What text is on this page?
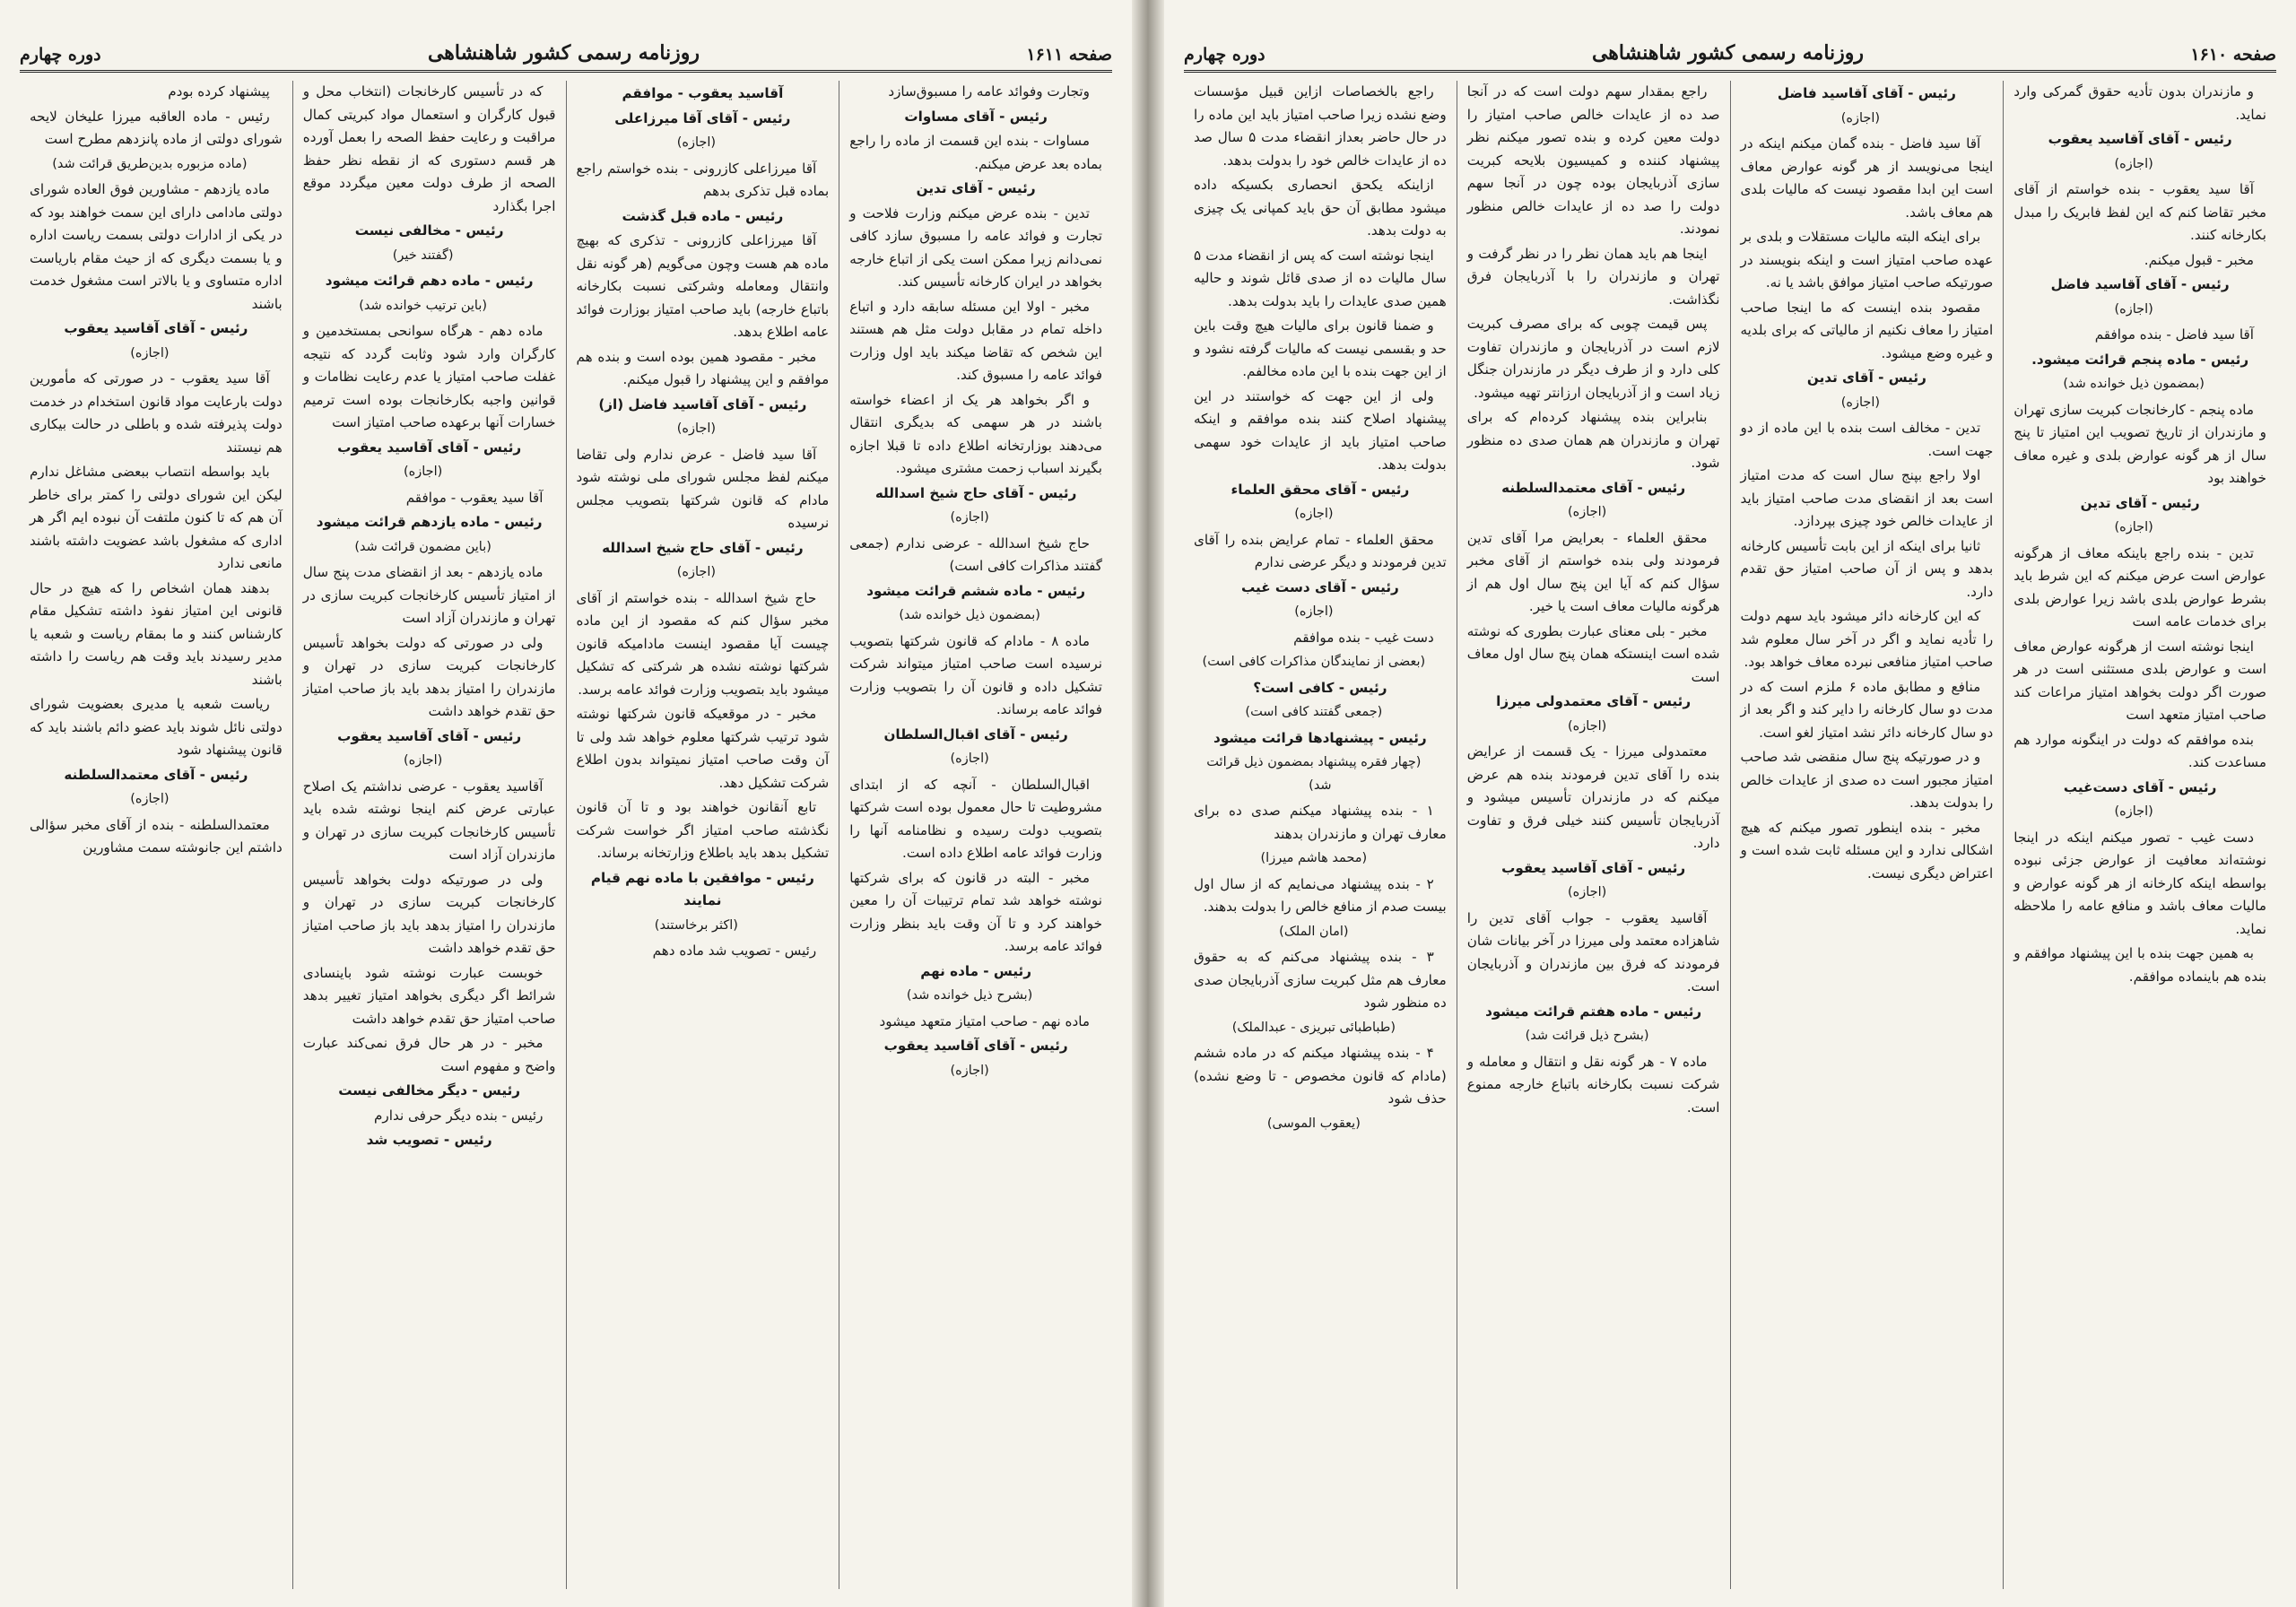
صفحه ۱۶۱۱
روزنامه رسمی کشور شاهنشاهی
دوره چهارم

وتجارت وفوائد عامه را مسبوق‌سازد

رئیس - آقای مساوات

مساوات - بنده این قسمت از ماده را راجع بماده بعد عرض میکنم.

رئیس - آقای تدین

تدین - بنده عرض میکنم وزارت فلاحت و تجارت و فوائد عامه را مسبوق سازد کافی نمی‌دانم زیرا ممکن است یکی از اتباع خارجه بخواهد در ایران کارخانه تأسیس کند.

مخبر - اولا این مسئله سابقه دارد و اتباع داخله تمام در مقابل دولت مثل هم هستند این شخص که تقاضا میکند باید اول وزارت فوائد عامه را مسبوق کند.

و اگر بخواهد هر یک از اعضاء خواسته باشند در هر سهمی که بدیگری انتقال می‌دهند بوزارتخانه اطلاع داده تا قبلا اجازه بگیرند اسباب زحمت مشتری میشود.

رئیس - آقای حاج شیخ اسدالله

(اجازه)

حاج شیخ اسدالله - عرضی ندارم (جمعی گفتند مذاکرات کافی است)

رئیس - ماده ششم قرائت میشود

(بمضمون ذیل خوانده شد)

ماده ۸ - مادام که قانون شرکتها بتصویب نرسیده است صاحب امتیاز میتواند شرکت تشکیل داده و قانون آن را بتصویب وزارت فوائد عامه برساند.

رئیس - آقای اقبال‌السلطان

(اجازه)

اقبال‌السلطان - آنچه که از ابتدای مشروطیت تا حال معمول بوده است شرکتها بتصویب دولت رسیده و نظامنامه آنها را وزارت فوائد عامه اطلاع داده است.

مخبر - البته در قانون که برای شرکتها نوشته خواهد شد تمام ترتیبات آن را معین خواهند کرد و تا آن وقت باید بنظر وزارت فوائد عامه برسد.

رئیس - ماده نهم

(بشرح ذیل خوانده شد)

ماده نهم - صاحب امتیاز متعهد میشود

رئیس - آقای آقاسید یعقوب

(اجازه)

آقاسید یعقوب - موافقم

رئیس - آقای آقا میرزاعلی

(اجازه)

آقا میرزاعلی کازرونی - بنده خواستم راجع بماده قبل تذکری بدهم

رئیس - ماده قبل گذشت

آقا میرزاعلی کازرونی - تذکری که بهیچ ماده هم هست وچون می‌گویم (هر گونه نقل وانتقال ومعامله وشرکتی نسبت بکارخانه باتباع خارجه) باید صاحب امتیاز بوزارت فوائد عامه اطلاع بدهد.

مخبر - مقصود همین بوده است و بنده هم موافقم و این پیشنهاد را قبول میکنم.

رئیس - آقای آقاسید فاضل (از)

(اجازه)

آقا سید فاضل - عرض ندارم ولی تقاضا میکنم لفظ مجلس شورای ملی نوشته شود مادام که قانون شرکتها بتصویب مجلس نرسیده

رئیس - آقای حاج شیخ اسدالله

(اجازه)

حاج شیخ اسدالله - بنده خواستم از آقای مخبر سؤال کنم که مقصود از این ماده چیست آیا مقصود اینست مادامیکه قانون شرکتها نوشته نشده هر شرکتی که تشکیل میشود باید بتصویب وزارت فوائد عامه برسد.

مخبر - در موقعیکه قانون شرکتها نوشته شود ترتیب شرکتها معلوم خواهد شد ولی تا آن وقت صاحب امتیاز نمیتواند بدون اطلاع شرکت تشکیل دهد.

تابع آنقانون خواهند بود و تا آن قانون نگذشته صاحب امتیاز اگر خواست شرکت تشکیل بدهد باید باطلاع وزارتخانه برساند.

رئیس - موافقین با ماده نهم قیام نمایند

(اکثر برخاستند)

رئیس - تصویب شد ماده دهم

که در تأسیس کارخانجات (انتخاب محل و قبول کارگران و استعمال مواد کبریتی کمال مراقبت و رعایت حفظ الصحه را بعمل آورده هر قسم دستوری که از نقطه نظر حفظ الصحه از طرف دولت معین میگردد موقع اجرا بگذارد

رئیس - مخالفی نیست

(گفتند خیر)

رئیس - ماده دهم قرائت میشود

(باین ترتیب خوانده شد)

ماده دهم - هرگاه سوانحی بمستخدمین و کارگران وارد شود وثابت گردد که نتیجه غفلت صاحب امتیاز یا عدم رعایت نظامات و قوانین واجبه بکارخانجات بوده است ترمیم خسارات آنها برعهده صاحب امتیاز است

رئیس - آقای آقاسید یعقوب

(اجازه)

آقا سید یعقوب - موافقم

رئیس - ماده یازدهم قرائت میشود

(باین مضمون قرائت شد)

ماده یازدهم - بعد از انقضای مدت پنج سال از امتیاز تأسیس کارخانجات کبریت سازی در تهران و مازندران آزاد است

ولی در صورتی که دولت بخواهد تأسیس کارخانجات کبریت سازی در تهران و مازندران را امتیاز بدهد باید باز صاحب امتیاز حق تقدم خواهد داشت

رئیس - آقای آقاسید یعقوب

(اجازه)

آقاسید یعقوب - عرضی نداشتم یک اصلاح عبارتی عرض کنم اینجا نوشته شده باید تأسیس کارخانجات کبریت سازی در تهران و مازندران آزاد است

ولی در صورتیکه دولت بخواهد تأسیس کارخانجات کبریت سازی در تهران و مازندران را امتیاز بدهد باید باز صاحب امتیاز حق تقدم خواهد داشت

خوبست عبارت نوشته شود باینسادی شرائط اگر دیگری بخواهد امتیاز تغییر بدهد صاحب امتیاز حق تقدم خواهد داشت

مخبر - در هر حال فرق نمی‌کند عبارت واضح و مفهوم است

رئیس - دیگر مخالفی نیست

رئیس - بنده دیگر حرفی ندارم

رئیس - تصویب شد

پیشنهاد کرده بودم

رئیس - ماده العاقبه میرزا علیخان لایحه شورای دولتی از ماده پانزدهم مطرح است

(ماده مزبوره بدین‌طریق قرائت شد)

ماده یازدهم - مشاورین فوق العاده شورای دولتی مادامی دارای این سمت خواهند بود که در یکی از ادارات دولتی بسمت ریاست اداره و یا بسمت دیگری که از حیث مقام باریاست اداره متساوی و یا بالاتر است مشغول خدمت باشند

رئیس - آقای آقاسید یعقوب

(اجازه)

آقا سید یعقوب - در صورتی که مأمورین دولت بارعایت مواد قانون استخدام در خدمت دولت پذیرفته شده و باطلی در حالت بیکاری هم نیستند

باید بواسطه انتصاب ببعضی مشاغل ندارم لیکن این شورای دولتی را کمتر برای خاطر آن هم که تا کنون ملتفت آن نبوده ایم اگر هر اداری که مشغول باشد عضویت داشته باشند مانعی ندارد

بدهند همان اشخاص را که هیچ در حال قانونی این امتیاز نفوذ داشته تشکیل مقام کارشناس کنند و ما بمقام ریاست و شعبه یا مدیر رسیدند باید وقت هم ریاست را داشته باشند

ریاست شعبه یا مدیری بعضویت شورای دولتی نائل شوند باید عضو دائم باشند باید که قانون پیشنهاد شود

رئیس - آقای معتمدالسلطنه

(اجازه)

معتمدالسلطنه - بنده از آقای مخبر سؤالی داشتم این جانوشته سمت مشاورین

صفحه ۱۶۱۰
روزنامه رسمی کشور شاهنشاهی
دوره چهارم

و مازندران بدون تأدیه حقوق گمرکی وارد نماید.

رئیس - آقای آقاسید یعقوب

(اجازه)

آقا سید یعقوب - بنده خواستم از آقای مخبر تقاضا کنم که این لفظ فابریک را مبدل بکارخانه کنند.

مخبر - قبول میکنم.

رئیس - آقای آقاسید فاضل

(اجازه)

آقا سید فاضل - بنده موافقم

رئیس - ماده پنجم قرائت میشود.

(بمضمون ذیل خوانده شد)

ماده پنجم - کارخانجات کبریت سازی تهران و مازندران از تاریخ تصویب این امتیاز تا پنج سال از هر گونه عوارض بلدی و غیره معاف خواهند بود

رئیس - آقای تدین

(اجازه)

تدین - بنده راجع باینکه معاف از هرگونه عوارض است عرض میکنم که این شرط باید بشرط عوارض بلدی باشد زیرا عوارض بلدی برای خدمات عامه است

اینجا نوشته است از هرگونه عوارض معاف است و عوارض بلدی مستثنی است در هر صورت اگر دولت بخواهد امتیاز مراعات کند صاحب امتیاز متعهد است

بنده موافقم که دولت در اینگونه موارد هم مساعدت کند.

رئیس - آقای دست‌غیب

(اجازه)

دست غیب - تصور میکنم اینکه در اینجا نوشته‌اند معافیت از عوارض جزئی نبوده بواسطه اینکه کارخانه از هر گونه عوارض و مالیات معاف باشد و منافع عامه را ملاحظه نماید.

به همین جهت بنده با این پیشنهاد موافقم و بنده هم باینماده موافقم.

رئیس - آقای آقاسید فاضل

(اجازه)

آقا سید فاضل - بنده گمان میکنم اینکه در اینجا می‌نویسد از هر گونه عوارض معاف است این ابدا مقصود نیست که مالیات بلدی هم معاف باشد.

برای اینکه البته مالیات مستقلات و بلدی بر عهده صاحب امتیاز است و اینکه بنویسند در صورتیکه صاحب امتیاز موافق باشد یا نه.

مقصود بنده اینست که ما اینجا صاحب امتیاز را معاف نکنیم از مالیاتی که برای بلدیه و غیره وضع میشود.

رئیس - آقای تدین

(اجازه)

تدین - مخالف است بنده با این ماده از دو جهت است.

اولا راجع بپنج سال است که مدت امتیاز است بعد از انقضای مدت صاحب امتیاز باید از عایدات خالص خود چیزی بپردازد.

ثانیا برای اینکه از این بابت تأسیس کارخانه بدهد و پس از آن صاحب امتیاز حق تقدم دارد.

که این کارخانه دائر میشود باید سهم دولت را تأدیه نماید و اگر در آخر سال معلوم شد صاحب امتیاز منافعی نبرده معاف خواهد بود.

منافع و مطابق ماده ۶ ملزم است که در مدت دو سال کارخانه را دایر کند و اگر بعد از دو سال کارخانه دائر نشد امتیاز لغو است.

و در صورتیکه پنج سال منقضی شد صاحب امتیاز مجبور است ده صدی از عایدات خالص را بدولت بدهد.

مخبر - بنده اینطور تصور میکنم که هیچ اشکالی ندارد و این مسئله ثابت شده است و اعتراض دیگری نیست.

راجع بمقدار سهم دولت است که در آنجا صد ده از عایدات خالص صاحب امتیاز را دولت معین کرده و بنده تصور میکنم نظر پیشنهاد کننده و کمیسیون بلایحه کبریت سازی آذربایجان بوده چون در آنجا سهم دولت را صد ده از عایدات خالص منظور نمودند.

اینجا هم باید همان نظر را در نظر گرفت و تهران و مازندران را با آذربایجان فرق نگذاشت.

پس قیمت چوبی که برای مصرف کبریت لازم است در آذربایجان و مازندران تفاوت کلی دارد و از طرف دیگر در مازندران جنگل زیاد است و از آذربایجان ارزانتر تهیه میشود.

بنابراین بنده پیشنهاد کرده‌ام که برای تهران و مازندران هم همان صدی ده منظور شود.

رئیس - آقای معتمدالسلطنه

(اجازه)

محقق العلماء - بعرایض مرا آقای تدین فرمودند ولی بنده خواستم از آقای مخبر سؤال کنم که آیا این پنج سال اول هم از هرگونه مالیات معاف است یا خیر.

مخبر - بلی معنای عبارت بطوری که نوشته شده است اینستکه همان پنج سال اول معاف است

رئیس - آقای معتمدولی میرزا

(اجازه)

معتمدولی میرزا - یک قسمت از عرایض بنده را آقای تدین فرمودند بنده هم عرض میکنم که در مازندران تأسیس میشود و آذربایجان تأسیس کنند خیلی فرق و تفاوت دارد.

رئیس - آقای آقاسید یعقوب

(اجازه)

آقاسید یعقوب - جواب آقای تدین را شاهزاده معتمد ولی میرزا در آخر بیانات شان فرمودند که فرق بین مازندران و آذربایجان است.

رئیس - ماده هفتم قرائت میشود

(بشرح ذیل قرائت شد)

ماده ۷ - هر گونه نقل و انتقال و معامله و شرکت نسبت بکارخانه باتباع خارجه ممنوع است.

راجع بالخصاصات ازاین قبیل مؤسسات وضع نشده زیرا صاحب امتیاز باید این ماده را در حال حاضر بعداز انقضاء مدت ۵ سال صد ده از عایدات خالص خود را بدولت بدهد.

ازاینکه یکحق انحصاری بکسیکه داده میشود مطابق آن حق باید کمپانی یک چیزی به دولت بدهد.

اینجا نوشته است که پس از انقضاء مدت ۵ سال مالیات ده از صدی قائل شوند و حالیه همین صدی عایدات را باید بدولت بدهد.

و ضمنا قانون برای مالیات هیچ وقت باین حد و بقسمی نیست که مالیات گرفته نشود و از این جهت بنده با این ماده مخالفم.

ولی از این جهت که خواستند در این پیشنهاد اصلاح کنند بنده موافقم و اینکه صاحب امتیاز باید از عایدات خود سهمی بدولت بدهد.

رئیس - آقای محقق العلماء

(اجازه)

محقق العلماء - تمام عرایض بنده را آقای تدین فرمودند و دیگر عرضی ندارم

رئیس - آقای دست غیب

(اجازه)

دست غیب - بنده موافقم

(بعضی از نمایندگان مذاکرات کافی است)

رئیس - کافی است؟

(جمعی گفتند کافی است)

رئیس - پیشنهادها قرائت میشود

(چهار فقره پیشنهاد بمضمون ذیل قرائت شد)

۱ - بنده پیشنهاد میکنم صدی ده برای معارف تهران و مازندران بدهند

(محمد هاشم میرزا)

۲ - بنده پیشنهاد می‌نمایم که از سال اول بیست صدم از منافع خالص را بدولت بدهند.

(امان الملک)

۳ - بنده پیشنهاد می‌کنم که به حقوق معارف هم مثل کبریت سازی آذربایجان صدی ده منظور شود

(طباطبائی تبریزی - عبدالملک)

۴ - بنده پیشنهاد میکنم که در ماده ششم (مادام که قانون مخصوص - تا وضع نشده) حذف شود

(یعقوب الموسی)
